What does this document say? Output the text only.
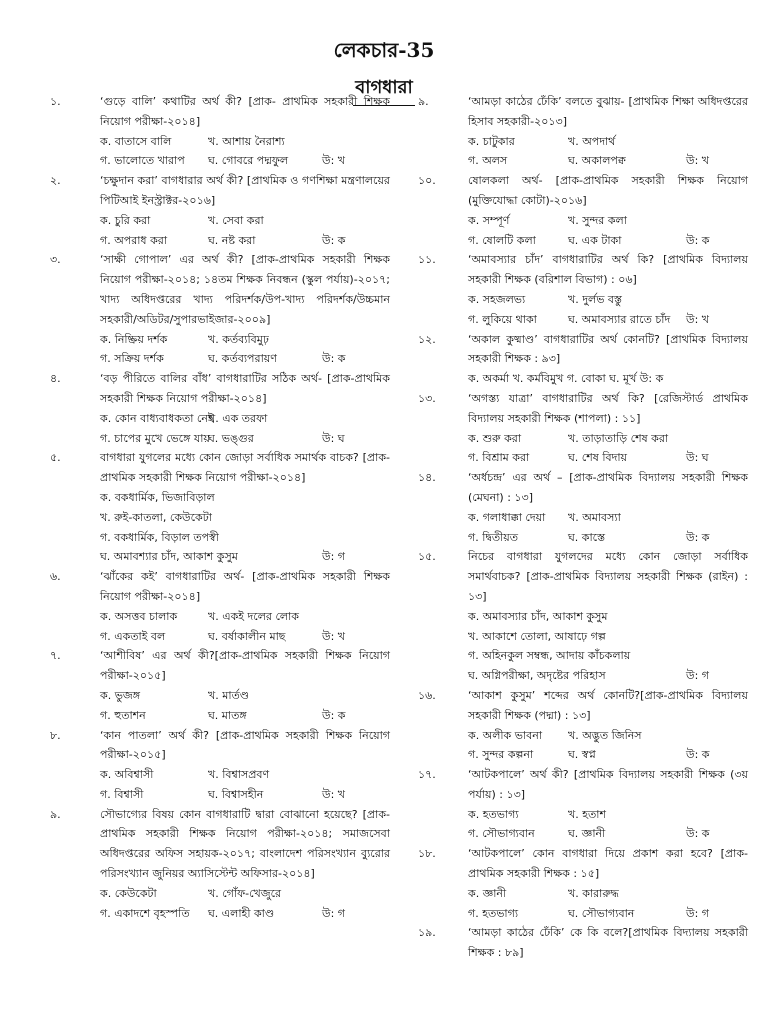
লেকচার-35
বাগধারা
১.	‘গুড়ে বালি’ কথাটির অর্থ কী? [প্রাক- প্রাথমিক সহকারী শিক্ষক নিয়োগ পরীক্ষা-২০১৪]
ক. বাতাসে বালি	খ. আশায় নৈরাশ্য
গ. ভালোতে খারাপ ঘ. গোবরে পদ্মফুল	উ: খ
২.	‘চক্ষুদান করা’ বাগধারার অর্থ কী? [প্রাথমিক ও গণশিক্ষা মন্ত্রণালয়ের পিটিআই ইনস্ট্রাক্টর-২০১৬]
ক. চুরি করা	খ. সেবা করা
গ. অপরাধ করা	ঘ. নষ্ট করা	উ: ক
৩.	‘সাক্ষী গোপাল’ এর অর্থ কী? [প্রাক-প্রাথমিক সহকারী শিক্ষক নিয়োগ পরীক্ষা-২০১৪; ১৪তম শিক্ষক নিবন্ধন (স্কুল পর্যায়)-২০১৭; খাদ্য অধিদপ্তরের খাদ্য পরিদর্শক/উপ-খাদ্য পরিদর্শক/উচ্চমান সহকারী/অডিটর/সুপারভাইজার-২০০৯]
ক. নিষ্ক্রিয় দর্শক	খ. কর্তব্যবিমুঢ়
গ. সক্রিয় দর্শক	ঘ. কর্তব্যপরায়ণ	উ: ক
৪.	‘বড় পীরিতে বালির বাঁধ’ বাগধারাটির সঠিক অর্থ- [প্রাক-প্রাথমিক সহকারী শিক্ষক নিয়োগ পরীক্ষা-২০১৪]
ক. কোন বাধ্যবাধকতা নেই
খ. এক তরফা
গ. চাপের মুখে ভেঙ্গে যায়
ঘ. ভঙ্গুর	উ: ঘ
৫.	বাগধারা যুগলের মধ্যে কোন জোড়া সর্বাধিক সমার্থক বাচক? [প্রাক-প্রাথমিক সহকারী শিক্ষক নিয়োগ পরীক্ষা-২০১৪]
ক. বকধার্মিক, ভিজাবিড়াল
খ. রুই-কাতলা, কেউকেটা
গ. বকধার্মিক, বিড়াল তপস্বী
ঘ. অমাবশ্যার চাঁদ, আকাশ কুসুম	উ: গ
৬.	‘ঝাঁকের কই’ বাগধারাটির অর্থ- [প্রাক-প্রাথমিক সহকারী শিক্ষক নিয়োগ পরীক্ষা-২০১৪]
ক. অসত্তব চালাক	খ. একই দলের লোক
গ. একতাই বল	ঘ. বর্ষাকালীন মাছ	উ: খ
৭.	‘আশীবিষ’ এর অর্থ কী?[প্রাক-প্রাথমিক সহকারী শিক্ষক নিয়োগ পরীক্ষা-২০১৫]
ক. ভুজঙ্গ	খ. মার্তণ্ড
গ. হুতাশন	ঘ. মাতঙ্গ	উ: ক
৮.	‘কান পাতলা’ অর্থ কী? [প্রাক-প্রাথমিক সহকারী শিক্ষক নিয়োগ পরীক্ষা-২০১৫]
ক. অবিশ্বাসী	খ. বিশ্বাসপ্রবণ
গ. বিশ্বাসী	ঘ. বিশ্বাসহীন	উ: খ
৯.	সৌভাগ্যের বিষয় কোন বাগধারাটি দ্বারা বোঝানো হয়েছে? [প্রাক-প্রাথমিক সহকারী শিক্ষক নিয়োগ পরীক্ষা-২০১৪; সমাজসেবা অধিদপ্তরের অফিস সহায়ক-২০১৭; বাংলাদেশ পরিসংখ্যান ব্যুরোর পরিসংখ্যান জুনিয়র অ্যাসিস্টেন্ট অফিসার-২০১৪]
ক. কেউকেটা	খ. গোঁফ-খেজুরে
গ. একাদশে বৃহস্পতি ঘ. এলাহী কাণ্ড	উ: গ
৯.	‘আমড়া কাঠের ঢেঁকি’ বলতে বুঝায়- [প্রাথমিক শিক্ষা অধিদপ্তরের হিসাব সহকারী-২০১৩]
ক. চাটুকার	খ. অপদার্থ
গ. অলস	ঘ. অকালপক্ব	উ: খ
১০.	ষোলকলা অর্থ- [প্রাক-প্রাথমিক সহকারী শিক্ষক নিয়োগ (মুক্তিযোদ্ধা কোটা)-২০১৬]
ক. সম্পূর্ণ	খ. সুন্দর কলা
গ. ষোলটি কলা	ঘ. এক টাকা	উ: ক
১১.	‘অমাবস্যার চাঁদ’ বাগধারাটির অর্থ কি? [প্রাথমিক বিদ্যালয় সহকারী শিক্ষক (বরিশাল বিভাগ) : ০৬]
ক. সহজলভ্য	খ. দুর্লভ বস্তু
গ. লুকিয়ে থাকা	ঘ. অমাবস্যার রাতে চাঁদ উ: খ
১২.	‘অকাল কুষ্মাণ্ড’ বাগধারাটির অর্থ কোনটি? [প্রাথমিক বিদ্যালয় সহকারী শিক্ষক : ৯৩]
ক. অকর্মা খ. কর্মবিমুখ গ. বোকা ঘ. মূর্খ উ: ক
১৩.	‘অগস্ত্য যাত্রা’ বাগধারাটির অর্থ কি? [রেজিস্টার্ড প্রাথমিক বিদ্যালয় সহকারী শিক্ষক (শাপলা) : ১১]
ক. শুরু করা	খ. তাড়াতাড়ি শেষ করা
গ. বিশ্রাম করা	ঘ. শেষ বিদায়	উ: ঘ
১৪.	‘অর্ধচন্দ্র’ এর অর্থ – [প্রাক-প্রাথমিক বিদ্যালয় সহকারী শিক্ষক (মেঘনা) : ১৩]
ক. গলাধাক্কা দেয়া খ. অমাবস্যা
গ. দ্বিতীয়ত	ঘ. কাস্তে	উ: ক
১৫.	নিচের বাগধারা যুগলদের মধ্যে কোন জোড়া সর্বাধিক সমার্থবাচক? [প্রাক-প্রাথমিক বিদ্যালয় সহকারী শিক্ষক (রাইন) : ১৩]
ক. অমাবস্যার চাঁদ, আকাশ কুসুম
খ. আকাশে তোলা, আষাঢ়ে গল্প
গ. অহিনকুল সম্বন্ধ, আদায় কাঁচকলায়
ঘ. অগ্নিপরীক্ষা, অদৃষ্টের পরিহাস	উ: গ
১৬.	‘আকাশ কুসুম’ শব্দের অর্থ কোনটি?[প্রাক-প্রাথমিক বিদ্যালয় সহকারী শিক্ষক (পদ্মা) : ১৩]
ক. অলীক ভাবনা খ. অদ্ভুত জিনিস
গ. সুন্দর কল্পনা	ঘ. স্বপ্ন	উ: ক
১৭.	‘আটকপালে’ অর্থ কী? [প্রাথমিক বিদ্যালয় সহকারী শিক্ষক (৩য় পর্যায়) : ১৩]
ক. হতভাগ্য	খ. হতাশ
গ. সৌভাগ্যবান	ঘ. জ্ঞানী	উ: ক
১৮.	‘আটকপালে’ কোন বাগধারা দিয়ে প্রকাশ করা হবে? [প্রাক-প্রাথমিক সহকারী শিক্ষক : ১৫]
ক. জ্ঞানী	খ. কারারুদ্ধ
গ. হতভাগ্য	ঘ. সৌভাগ্যবান	উ: গ
১৯.	‘আমড়া কাঠের ঢেঁকি’ কে কি বলে?[প্রাথমিক বিদ্যালয় সহকারী শিক্ষক : ৮৯]
